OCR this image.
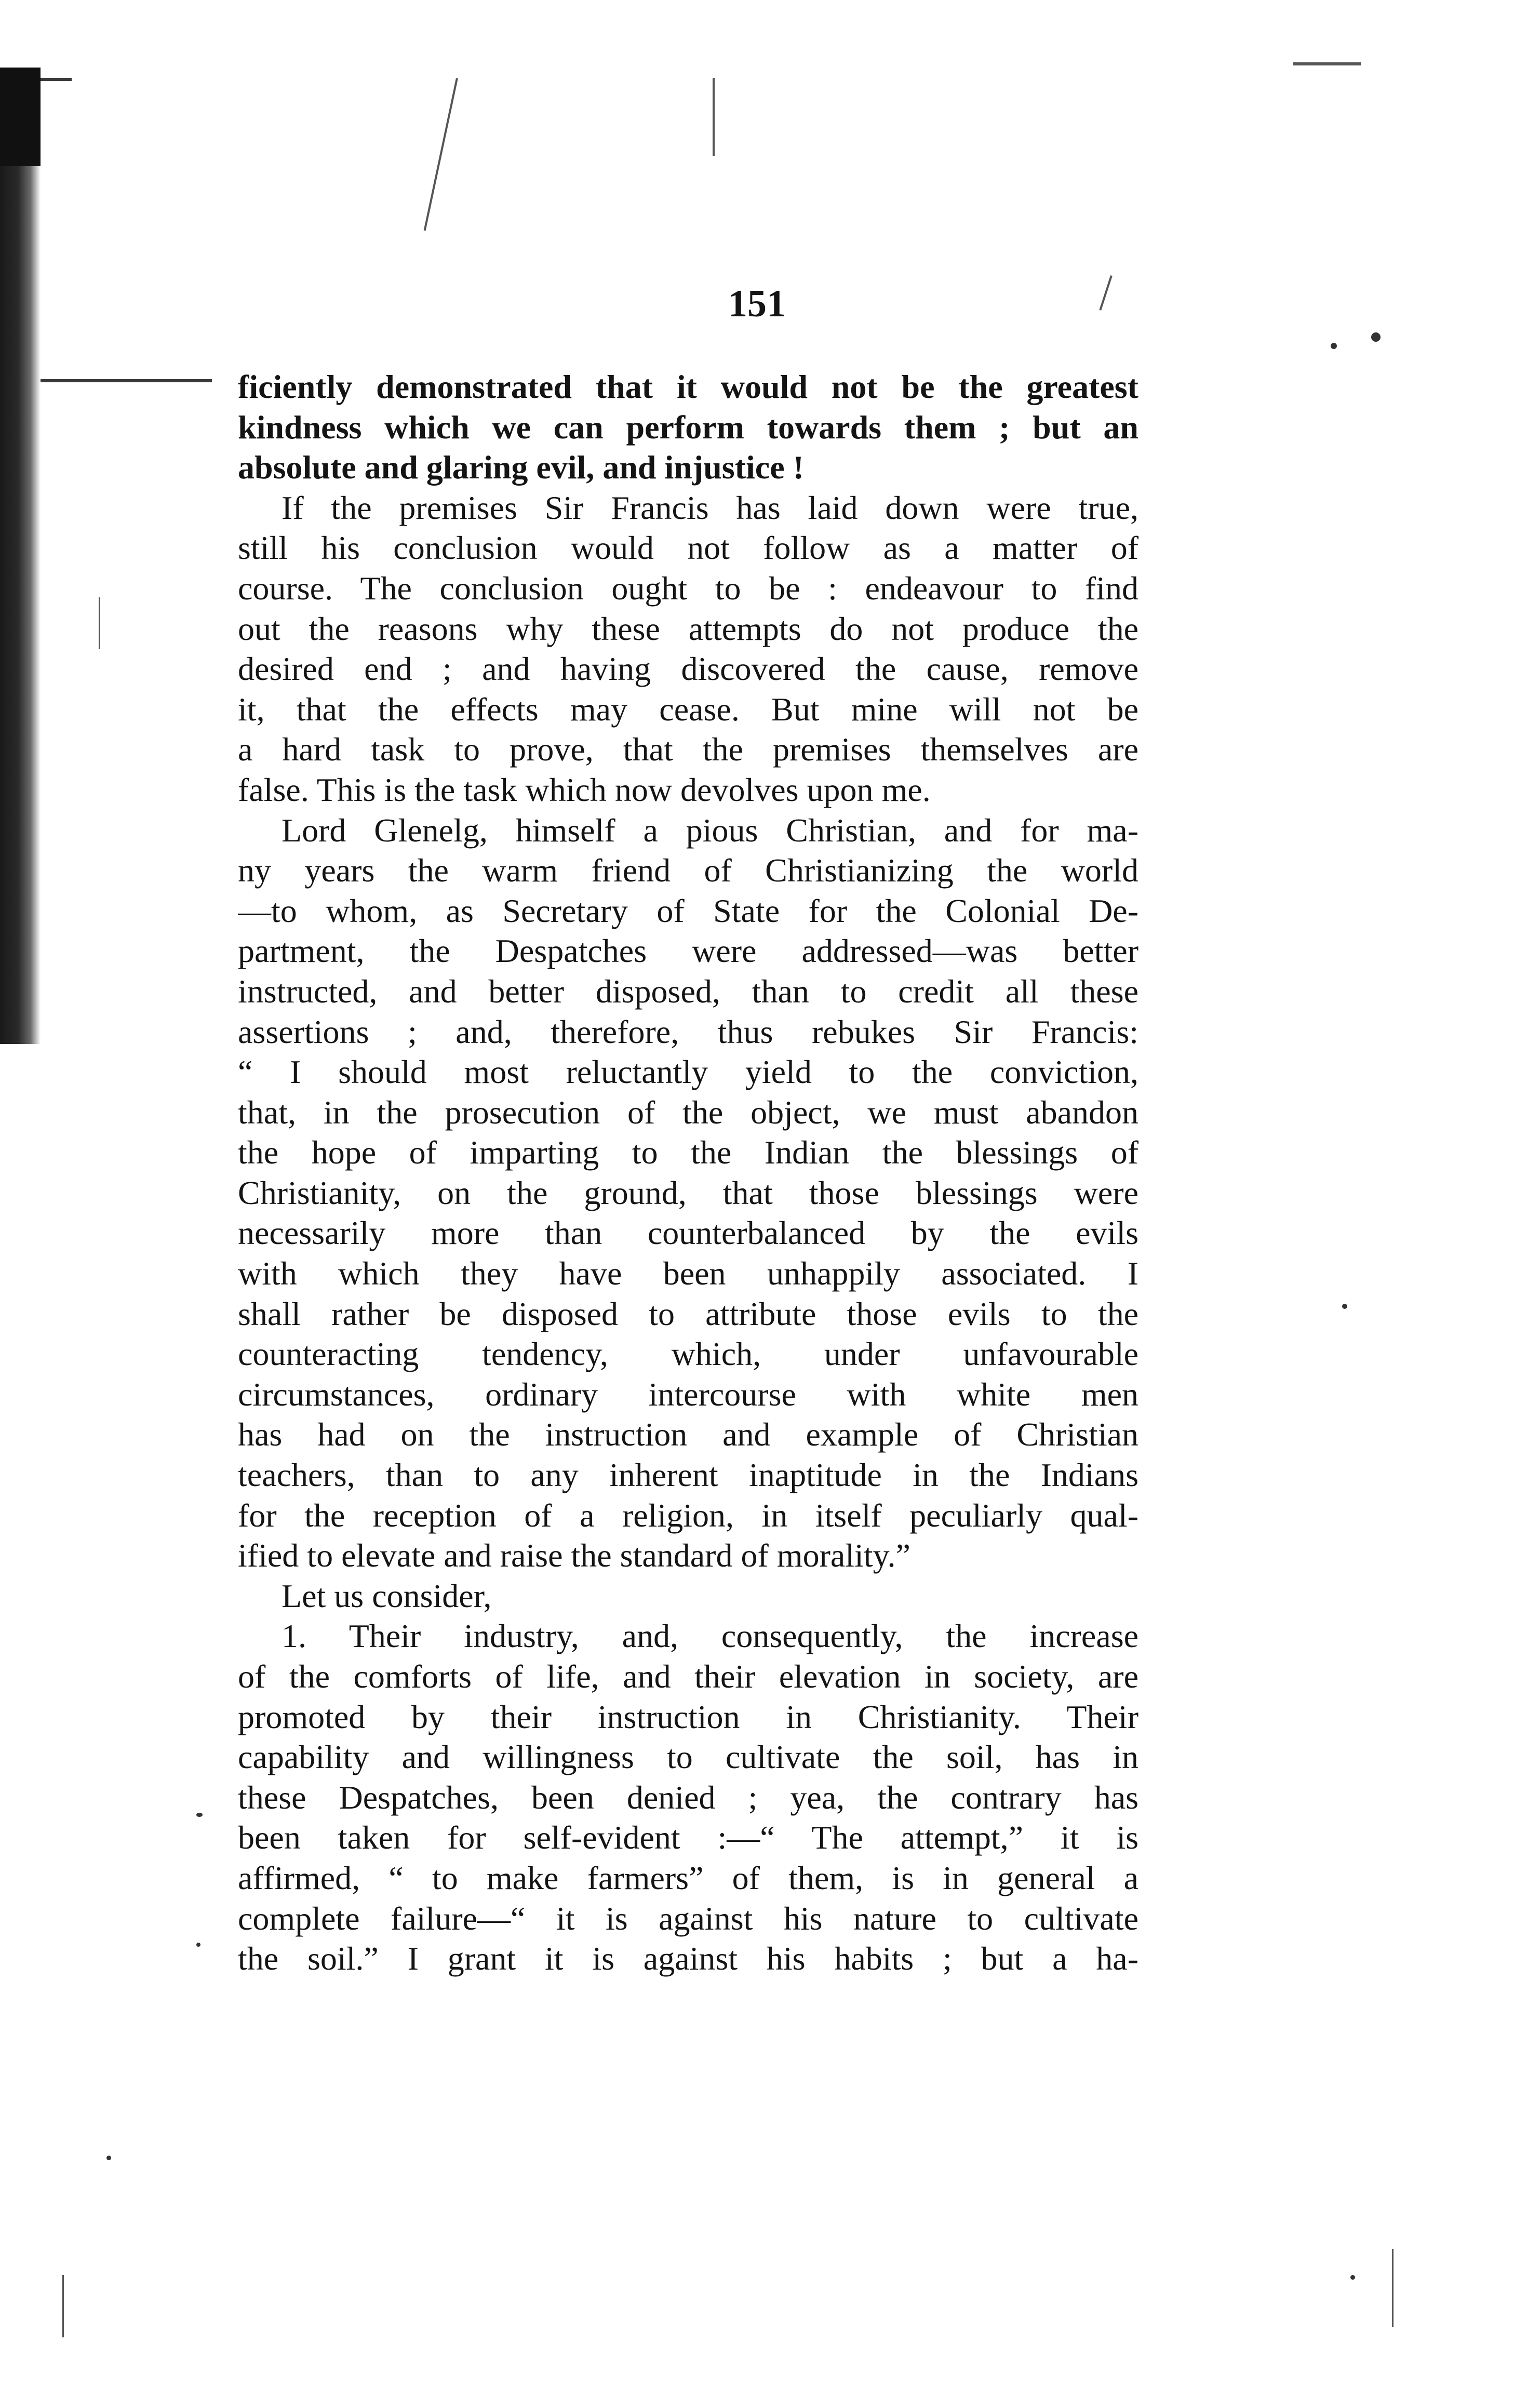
151
ficiently demonstrated that it would not be the greatest
kindness which we can perform towards them ; but an
absolute and glaring evil, and injustice !
If the premises Sir Francis has laid down were true,
still his conclusion would not follow as a matter of
course. The conclusion ought to be : endeavour to find
out the reasons why these attempts do not produce the
desired end ; and having discovered the cause, remove
it, that the effects may cease. But mine will not be
a hard task to prove, that the premises themselves are
false. This is the task which now devolves upon me.
Lord Glenelg, himself a pious Christian, and for ma-
ny years the warm friend of Christianizing the world
—to whom, as Secretary of State for the Colonial De-
partment, the Despatches were addressed—was better
instructed, and better disposed, than to credit all these
assertions ; and, therefore, thus rebukes Sir Francis:
“ I should most reluctantly yield to the conviction,
that, in the prosecution of the object, we must abandon
the hope of imparting to the Indian the blessings of
Christianity, on the ground, that those blessings were
necessarily more than counterbalanced by the evils
with which they have been unhappily associated. I
shall rather be disposed to attribute those evils to the
counteracting tendency, which, under unfavourable
circumstances, ordinary intercourse with white men
has had on the instruction and example of Christian
teachers, than to any inherent inaptitude in the Indians
for the reception of a religion, in itself peculiarly qual-
ified to elevate and raise the standard of morality.”
Let us consider,
1. Their industry, and, consequently, the increase
of the comforts of life, and their elevation in society, are
promoted by their instruction in Christianity. Their
capability and willingness to cultivate the soil, has in
these Despatches, been denied ; yea, the contrary has
been taken for self-evident :—“ The attempt,” it is
affirmed, “ to make farmers” of them, is in general a
complete failure—“ it is against his nature to cultivate
the soil.” I grant it is against his habits ; but a ha-
